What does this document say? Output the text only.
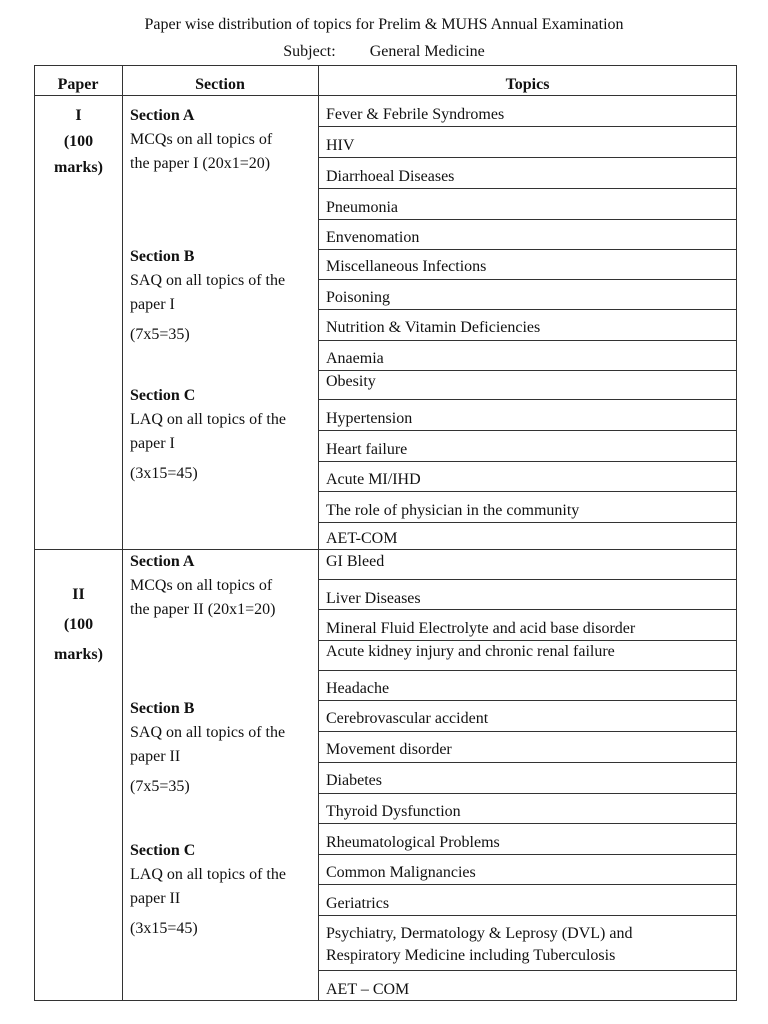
Paper wise distribution of topics for Prelim & MUHS Annual Examination
Subject: General Medicine
Paper	Section	Topics
I
(100
marks)
II
(100
marks)
Section A
MCQs on all topics of
the paper I (20x1=20)
Section B
SAQ on all topics of the
paper I
(7x5=35)
Section C
LAQ on all topics of the
paper I
(3x15=45)
Section A
MCQs on all topics of
the paper II (20x1=20)
Section B
SAQ on all topics of the
paper II
(7x5=35)
Section C
LAQ on all topics of the
paper II
(3x15=45)
Fever & Febrile Syndromes
HIV
Diarrhoeal Diseases
Pneumonia
Envenomation
Miscellaneous Infections
Poisoning
Nutrition & Vitamin Deficiencies
Anaemia
Obesity
Hypertension
Heart failure
Acute MI/IHD
The role of physician in the community
AET-COM
GI Bleed
Liver Diseases
Mineral Fluid Electrolyte and acid base disorder
Acute kidney injury and chronic renal failure
Headache
Cerebrovascular accident
Movement disorder
Diabetes
Thyroid Dysfunction
Rheumatological Problems
Common Malignancies
Geriatrics
Psychiatry, Dermatology & Leprosy (DVL) and
Respiratory Medicine including Tuberculosis
AET – COM
